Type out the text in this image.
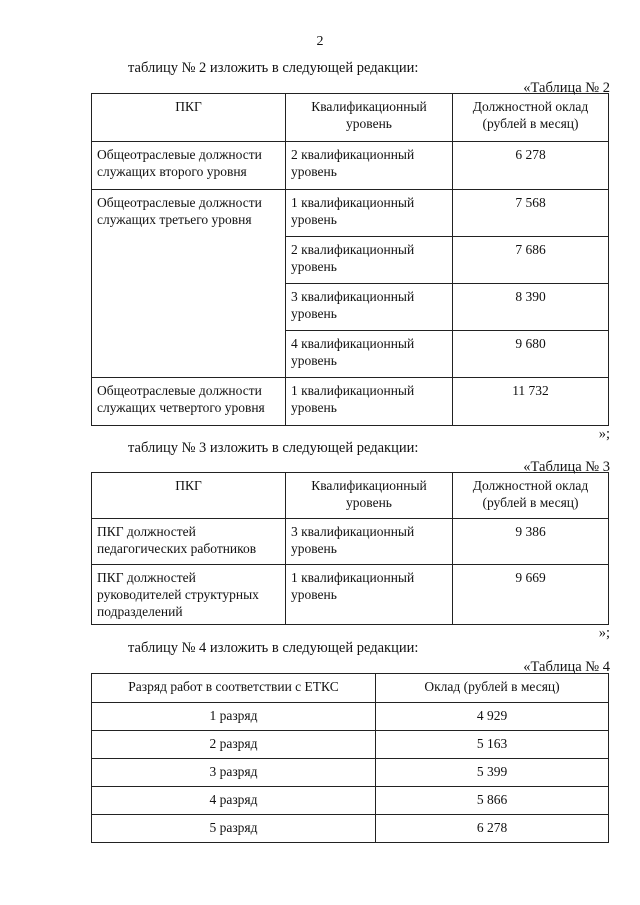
2
таблицу № 2 изложить в следующей редакции:
«Таблица № 2
ПКГ	Квалификационный уровень	Должностной оклад (рублей в месяц)
Общеотраслевые должности служащих второго уровня	2 квалификационный уровень	6 278
Общеотраслевые должности служащих третьего уровня	1 квалификационный уровень	7 568
	2 квалификационный уровень	7 686
	3 квалификационный уровень	8 390
	4 квалификационный уровень	9 680
Общеотраслевые должности служащих четвертого уровня	1 квалификационный уровень	11 732
»;
таблицу № 3 изложить в следующей редакции:
«Таблица № 3
ПКГ	Квалификационный уровень	Должностной оклад (рублей в месяц)
ПКГ должностей педагогических работников	3 квалификационный уровень	9 386
ПКГ должностей руководителей структурных подразделений	1 квалификационный уровень	9 669
»;
таблицу № 4 изложить в следующей редакции:
«Таблица № 4
Разряд работ в соответствии с ЕТКС	Оклад (рублей в месяц)
1 разряд	4 929
2 разряд	5 163
3 разряд	5 399
4 разряд	5 866
5 разряд	6 278
